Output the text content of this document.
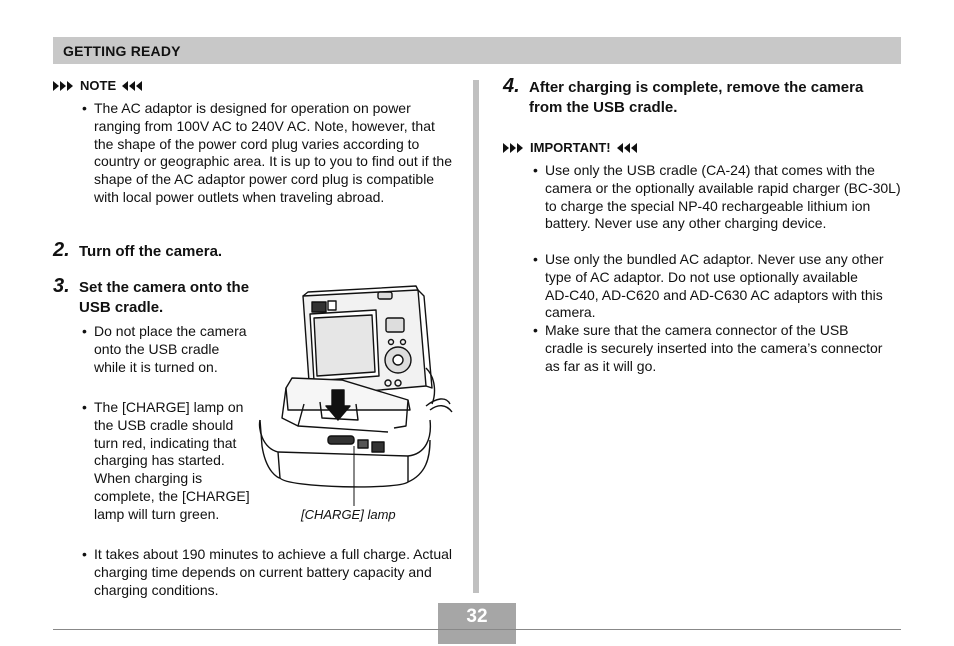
GETTING READY
NOTE
• The AC adaptor is designed for operation on power ranging from 100V AC to 240V AC. Note, however, that the shape of the power cord plug varies according to country or geographic area. It is up to you to find out if the shape of the AC adaptor power cord plug is compatible with local power outlets when traveling abroad.
2. Turn off the camera.
3. Set the camera onto the USB cradle.
• Do not place the camera onto the USB cradle while it is turned on.
• The [CHARGE] lamp on the USB cradle should turn red, indicating that charging has started. When charging is complete, the [CHARGE] lamp will turn green.
• It takes about 190 minutes to achieve a full charge. Actual charging time depends on current battery capacity and charging conditions.
[CHARGE] lamp
4. After charging is complete, remove the camera from the USB cradle.
IMPORTANT!
• Use only the USB cradle (CA-24) that comes with the camera or the optionally available rapid charger (BC-30L) to charge the special NP-40 rechargeable lithium ion battery. Never use any other charging device.
• Use only the bundled AC adaptor. Never use any other type of AC adaptor. Do not use optionally available AD-C40, AD-C620 and AD-C630 AC adaptors with this camera.
• Make sure that the camera connector of the USB cradle is securely inserted into the camera’s connector as far as it will go.
32
